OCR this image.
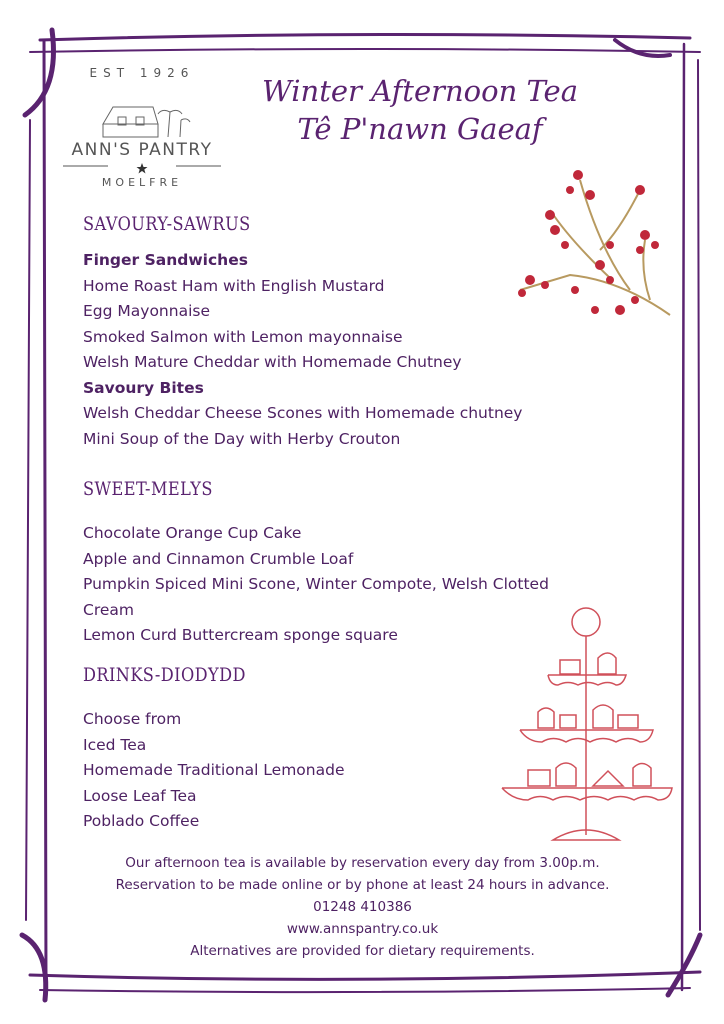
ANN'S PANTRY
EST 1926
MOELFRE
Winter Afternoon Tea
Tê P'nawn Gaeaf
SAVOURY-SAWRUS
Finger Sandwiches
Home Roast Ham with English Mustard
Egg Mayonnaise
Smoked Salmon with Lemon mayonnaise
Welsh Mature Cheddar with Homemade Chutney
Savoury Bites
Welsh Cheddar Cheese Scones with Homemade chutney
Mini Soup of the Day with Herby Crouton
SWEET-MELYS
Chocolate Orange Cup Cake
Apple and Cinnamon Crumble Loaf
Pumpkin Spiced Mini Scone, Winter Compote, Welsh Clotted
Cream
Lemon Curd Buttercream sponge square
DRINKS-DIODYDD
Choose from
Iced Tea
Homemade Traditional Lemonade
Loose Leaf Tea
Poblado Coffee
Our afternoon tea is available by reservation every day from 3.00p.m.
Reservation to be made online or by phone at least 24 hours in advance.
01248 410386
www.annspantry.co.uk
Alternatives are provided for dietary requirements.
